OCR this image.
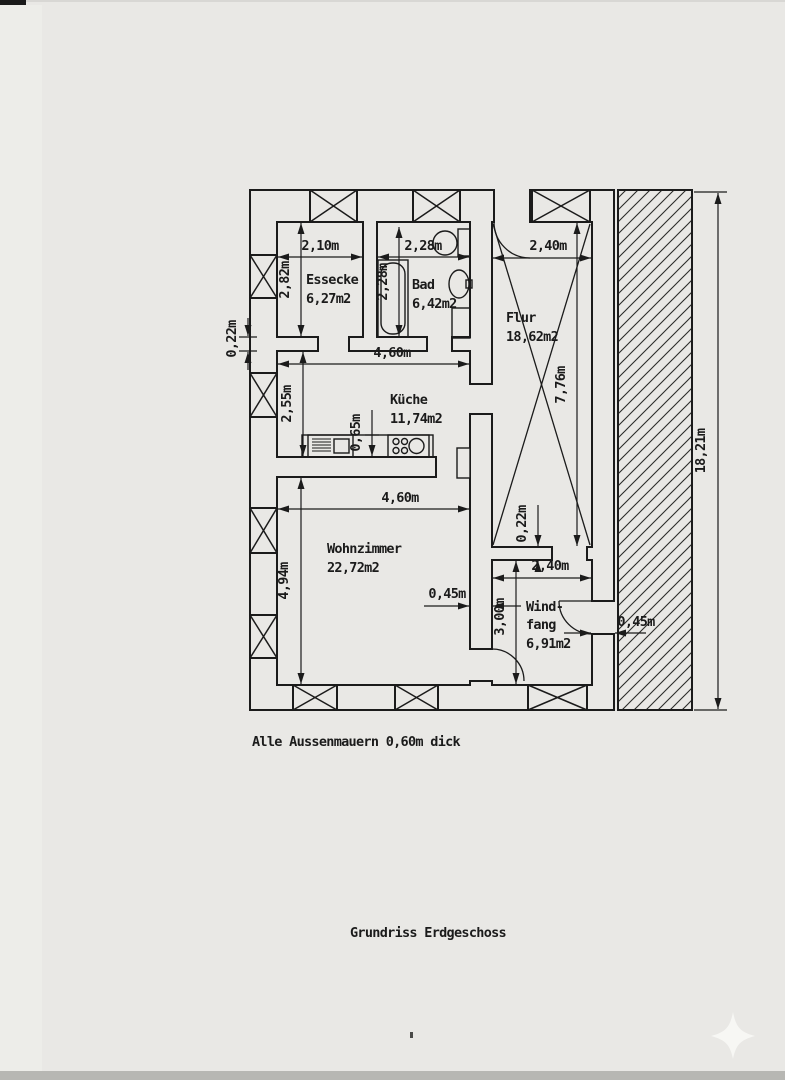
2,10m	2,28m	2,40m
4,60m
4,60m
2,40m
2,82m	2,28m
2,55m
4,94m
7,76m
3,00m
18,21m
0,22m
0,22m
0,65m
0,45m
0,45m
Essecke
6,27m2
Bad
6,42m2
Flur
18,62m2
Küche
11,74m2
Wohnzimmer
22,72m2
Wind-
fang
6,91m2
Alle Aussenmauern 0,60m dick
Grundriss Erdgeschoss
